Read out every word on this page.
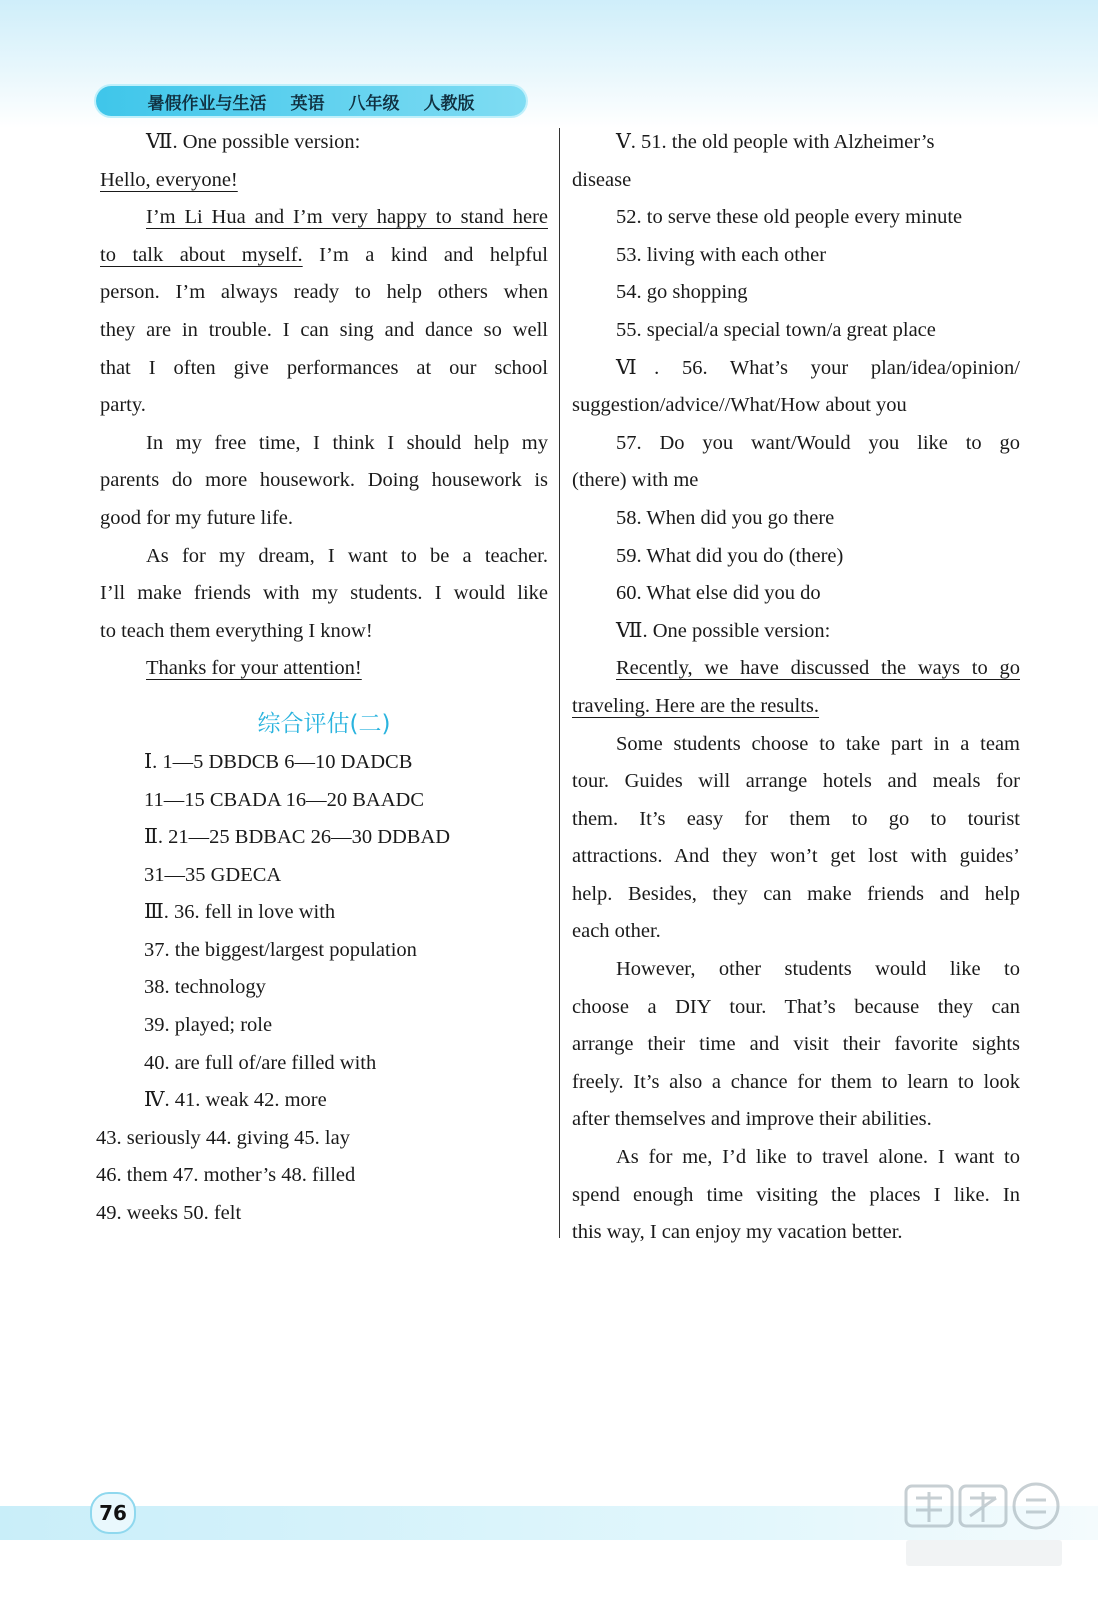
暑假作业与生活 英语 八年级 人教版
Ⅶ. One possible version:
Hello, everyone!
I’m Li Hua and I’m very happy to stand here
to talk about myself. I’m a kind and helpful
person. I’m always ready to help others when
they are in trouble. I can sing and dance so well
that I often give performances at our school
party.
In my free time, I think I should help my
parents do more housework. Doing housework is
good for my future life.
As for my dream, I want to be a teacher.
I’ll make friends with my students. I would like
to teach them everything I know!
Thanks for your attention!
综合评估(二)
Ⅰ. 1—5 DBDCB 6—10 DADCB
11—15 CBADA 16—20 BAADC
Ⅱ. 21—25 BDBAC 26—30 DDBAD
31—35 GDECA
Ⅲ. 36. fell in love with
37. the biggest/largest population
38. technology
39. played; role
40. are full of/are filled with
Ⅳ. 41. weak 42. more
43. seriously 44. giving 45. lay
46. them 47. mother’s 48. filled
49. weeks 50. felt
Ⅴ. 51. the old people with Alzheimer’s
disease
52. to serve these old people every minute
53. living with each other
54. go shopping
55. special/a special town/a great place
Ⅵ. 56. What’s your plan/idea/opinion/
suggestion/advice//What/How about you
57. Do you want/Would you like to go
(there) with me
58. When did you go there
59. What did you do (there)
60. What else did you do
Ⅶ. One possible version:
Recently, we have discussed the ways to go
traveling. Here are the results.
Some students choose to take part in a team
tour. Guides will arrange hotels and meals for
them. It’s easy for them to go to tourist
attractions. And they won’t get lost with guides’
help. Besides, they can make friends and help
each other.
However, other students would like to
choose a DIY tour. That’s because they can
arrange their time and visit their favorite sights
freely. It’s also a chance for them to learn to look
after themselves and improve their abilities.
As for me, I’d like to travel alone. I want to
spend enough time visiting the places I like. In
this way, I can enjoy my vacation better.
76
